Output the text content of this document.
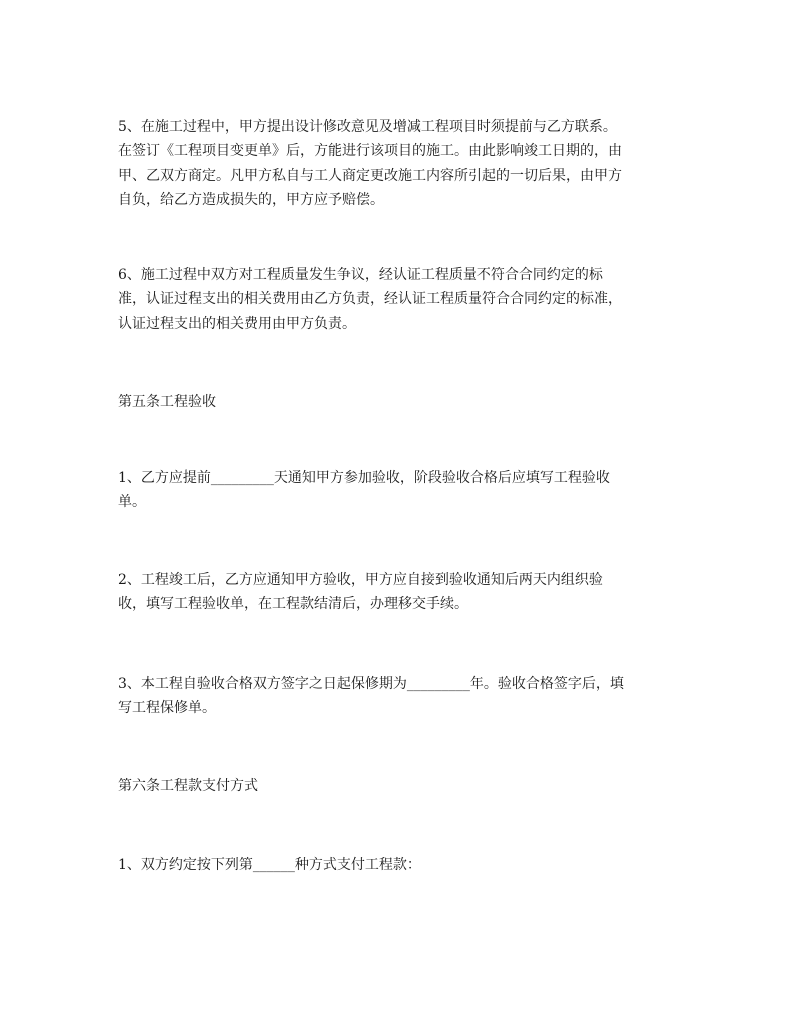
5、在施工过程中，甲方提出设计修改意见及增减工程项目时须提前与乙方联系。
在签订《工程项目变更单》后，方能进行该项目的施工。由此影响竣工日期的，由
甲、乙双方商定。凡甲方私自与工人商定更改施工内容所引起的一切后果，由甲方
自负，给乙方造成损失的，甲方应予赔偿。
6、施工过程中双方对工程质量发生争议，经认证工程质量不符合合同约定的标
准，认证过程支出的相关费用由乙方负责，经认证工程质量符合合同约定的标准，
认证过程支出的相关费用由甲方负责。
第五条工程验收
1、乙方应提前_________天通知甲方参加验收，阶段验收合格后应填写工程验收
单。
2、工程竣工后，乙方应通知甲方验收，甲方应自接到验收通知后两天内组织验
收，填写工程验收单，在工程款结清后，办理移交手续。
3、本工程自验收合格双方签字之日起保修期为_________年。验收合格签字后，填
写工程保修单。
第六条工程款支付方式
1、双方约定按下列第______种方式支付工程款：
